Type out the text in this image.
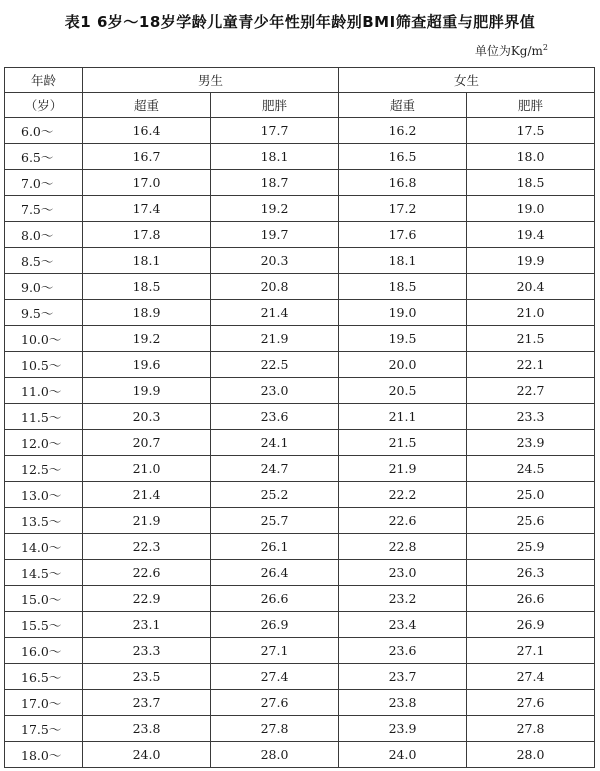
表1 6岁～18岁学龄儿童青少年性别年龄别BMI筛查超重与肥胖界值
单位为$Kg/m^2$
年龄	男生		女生	
（岁）	超重	肥胖	超重	肥胖
6.0～	16.4	17.7	16.2	17.5
6.5～	16.7	18.1	16.5	18.0
7.0～	17.0	18.7	16.8	18.5
7.5～	17.4	19.2	17.2	19.0
8.0～	17.8	19.7	17.6	19.4
8.5～	18.1	20.3	18.1	19.9
9.0～	18.5	20.8	18.5	20.4
9.5～	18.9	21.4	19.0	21.0
10.0～	19.2	21.9	19.5	21.5
10.5～	19.6	22.5	20.0	22.1
11.0～	19.9	23.0	20.5	22.7
11.5～	20.3	23.6	21.1	23.3
12.0～	20.7	24.1	21.5	23.9
12.5～	21.0	24.7	21.9	24.5
13.0～	21.4	25.2	22.2	25.0
13.5～	21.9	25.7	22.6	25.6
14.0～	22.3	26.1	22.8	25.9
14.5～	22.6	26.4	23.0	26.3
15.0～	22.9	26.6	23.2	26.6
15.5～	23.1	26.9	23.4	26.9
16.0～	23.3	27.1	23.6	27.1
16.5～	23.5	27.4	23.7	27.4
17.0～	23.7	27.6	23.8	27.6
17.5～	23.8	27.8	23.9	27.8
18.0～	24.0	28.0	24.0	28.0
